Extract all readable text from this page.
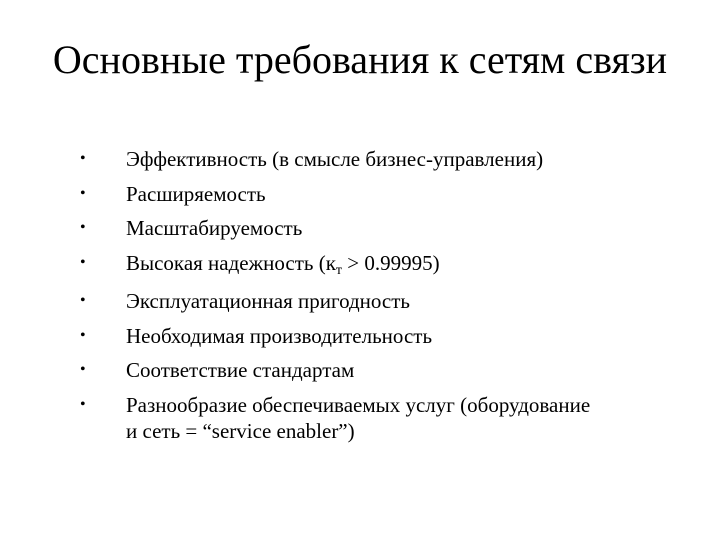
Основные требования к сетям связи
•	Эффективность (в смысле бизнес-управления)
•	Расширяемость
•	Масштабируемость
•	Высокая надежность (кт > 0.99995)
•	Эксплуатационная пригодность
•	Необходимая производительность
•	Соответствие стандартам
•	Разнообразие обеспечиваемых услуг (оборудование
и сеть = “service enabler”)
